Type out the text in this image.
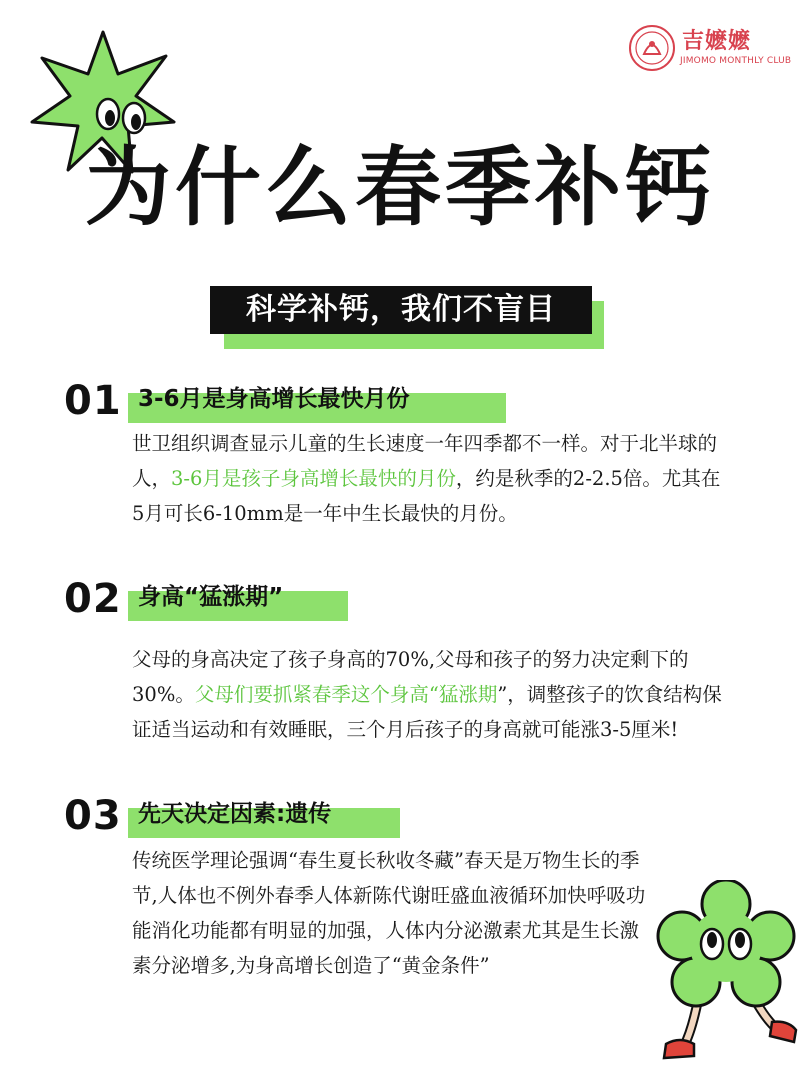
吉嬷嬷
JIMOMO MONTHLY CLUB
为什么春季补钙
科学补钙，我们不盲目
01 3-6月是身高增长最快月份
世卫组织调查显示儿童的生长速度一年四季都不一样。对于北半球的人，3-6月是孩子身高增长最快的月份，约是秋季的2-2.5倍。尤其在5月可长6-10mm是一年中生长最快的月份。
02 身高“猛涨期”
父母的身高决定了孩子身高的70%,父母和孩子的努力决定剩下的30%。父母们要抓紧春季这个身高“猛涨期”，调整孩子的饮食结构保证适当运动和有效睡眠，三个月后孩子的身高就可能涨3-5厘米!
03 先天决定因素:遗传
传统医学理论强调“春生夏长秋收冬藏”春天是万物生长的季节,人体也不例外春季人体新陈代谢旺盛血液循环加快呼吸功能消化功能都有明显的加强，人体内分泌激素尤其是生长激素分泌增多,为身高增长创造了“黄金条件”
